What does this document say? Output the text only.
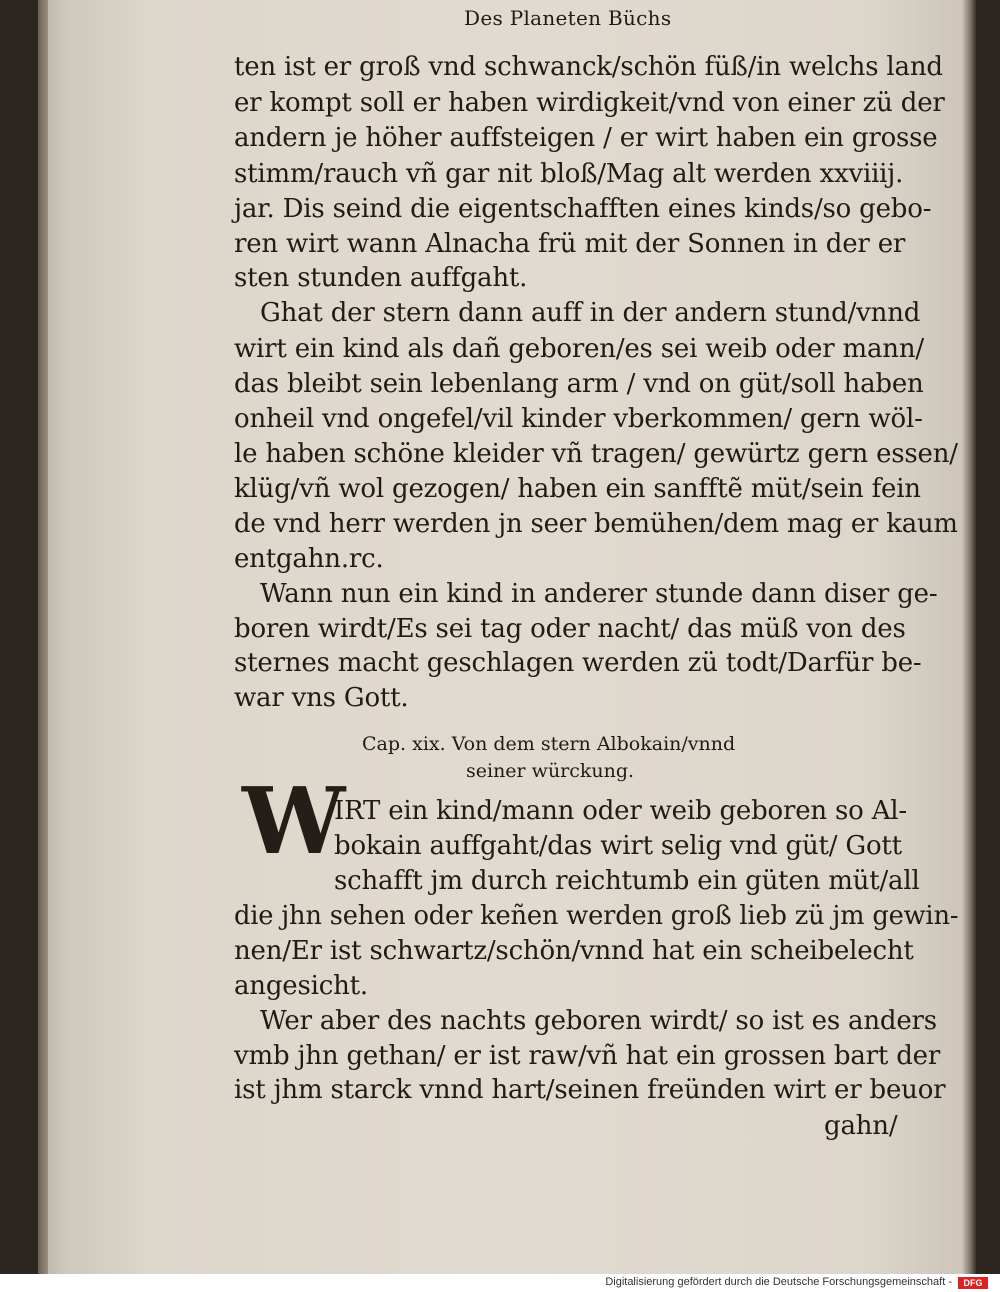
Des Planeten Büchs
ten ist er groß vnd schwanck/schön füß/in welchs land
er kompt soll er haben wirdigkeit/vnd von einer zü der
andern je höher auffsteigen / er wirt haben ein grosse
stimm/rauch vñ gar nit bloß/Mag alt werden xxviiij.
jar. Dis seind die eigentschafften eines kinds/so gebo-
ren wirt wann Alnacha frü mit der Sonnen in der er
sten stunden auffgaht.
Ghat der stern dann auff in der andern stund/vnnd
wirt ein kind als dañ geboren/es sei weib oder mann/
das bleibt sein lebenlang arm / vnd on güt/soll haben
onheil vnd ongefel/vil kinder vberkommen/ gern wöl-
le haben schöne kleider vñ tragen/ gewürtz gern essen/
klüg/vñ wol gezogen/ haben ein sanfftẽ müt/sein fein
de vnd herr werden jn seer bemühen/dem mag er kaum
entgahn.rc.
Wann nun ein kind in anderer stunde dann diser ge-
boren wirdt/Es sei tag oder nacht/ das müß von des
sternes macht geschlagen werden zü todt/Darfür be-
war vns Gott.
Cap. xix. Von dem stern Albokain/vnnd
seiner würckung.
W
IRT ein kind/mann oder weib geboren so Al-
bokain auffgaht/das wirt selig vnd güt/ Gott
schafft jm durch reichtumb ein güten müt/all
die jhn sehen oder keñen werden groß lieb zü jm gewin-
nen/Er ist schwartz/schön/vnnd hat ein scheibelecht
angesicht.
Wer aber des nachts geboren wirdt/ so ist es anders
vmb jhn gethan/ er ist raw/vñ hat ein grossen bart der
ist jhm starck vnnd hart/seinen freünden wirt er beuor
gahn/
Digitalisierung gefördert durch die Deutsche Forschungsgemeinschaft -	DFG
